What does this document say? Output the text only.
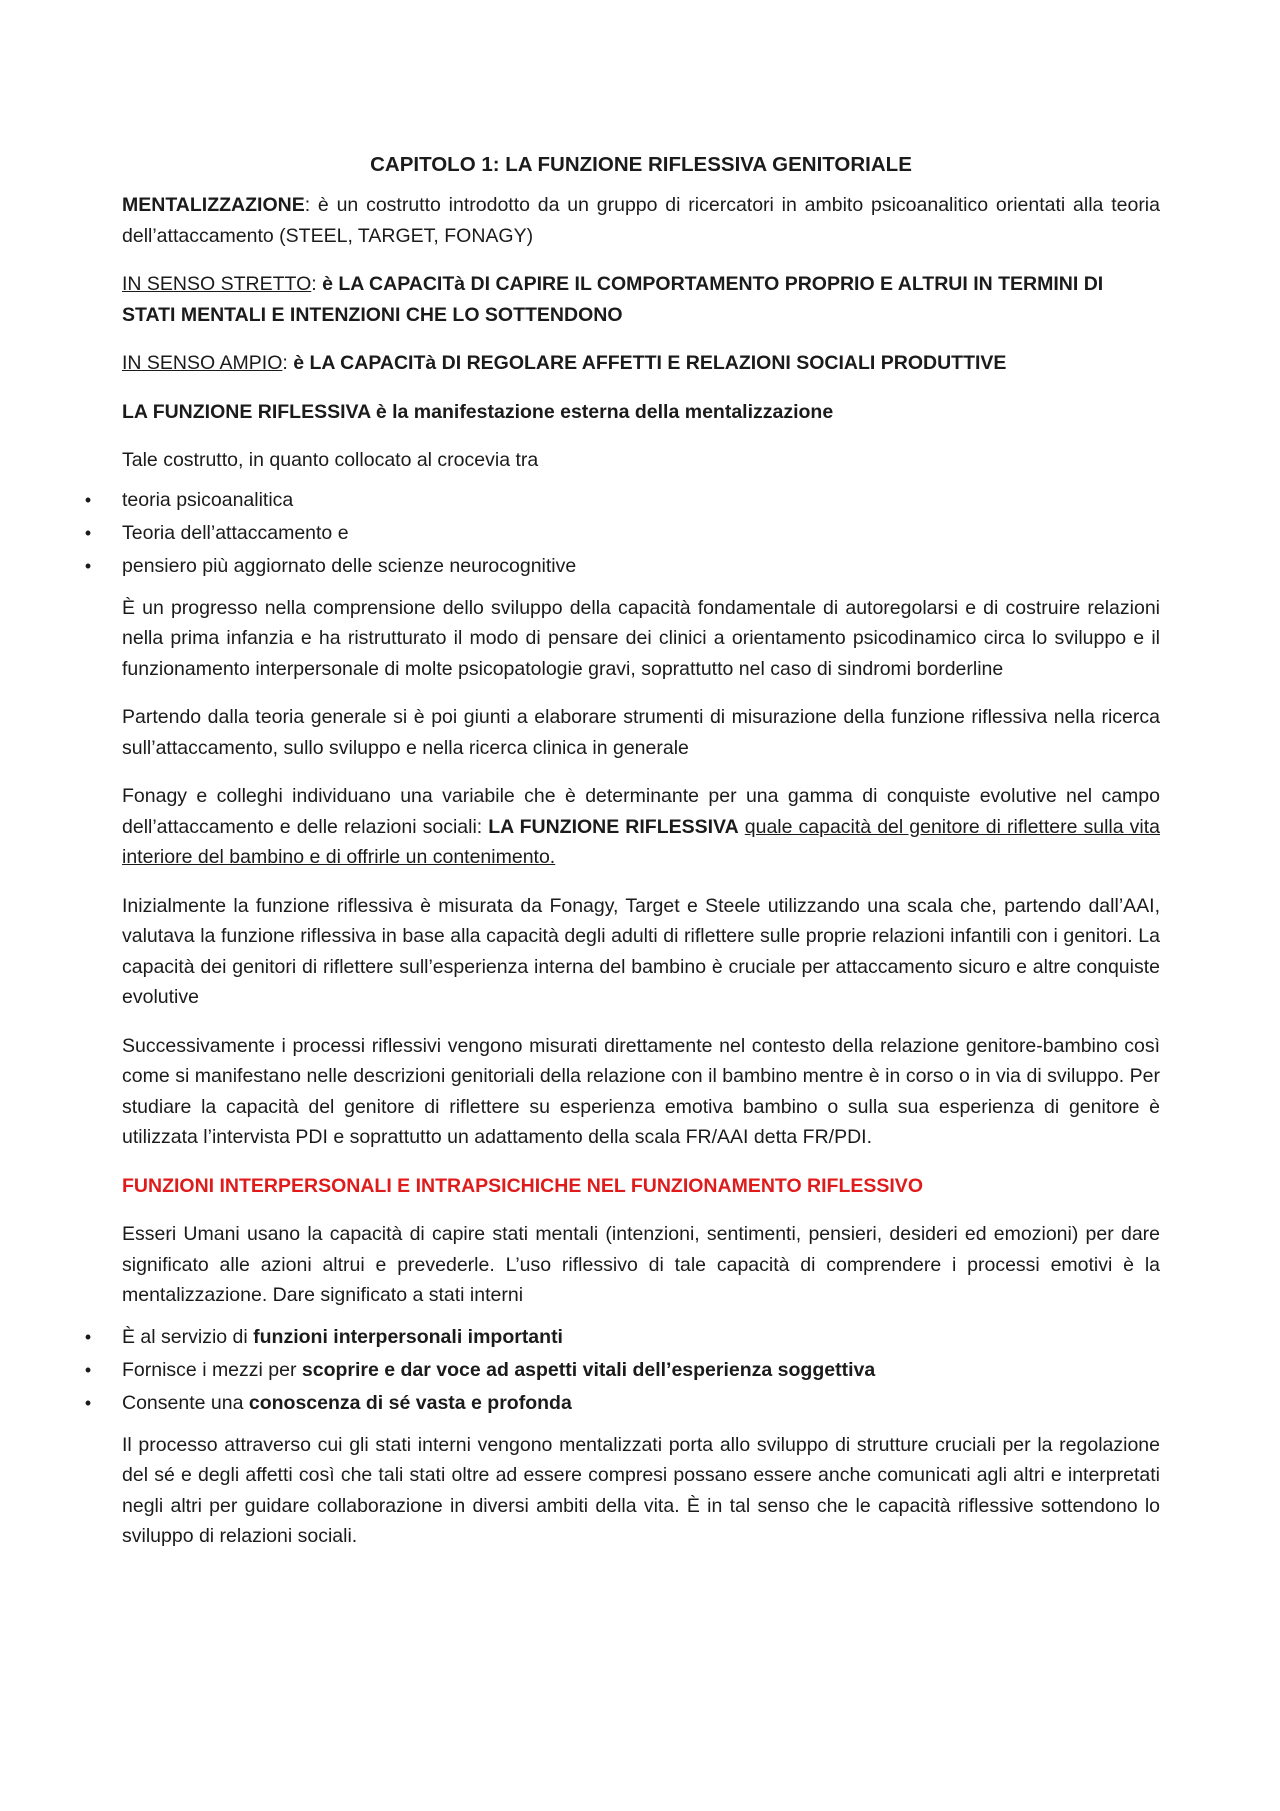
CAPITOLO 1: LA FUNZIONE RIFLESSIVA GENITORIALE

MENTALIZZAZIONE: è un costrutto introdotto da un gruppo di ricercatori in ambito psicoanalitico orientati alla teoria dell’attaccamento (STEEL, TARGET, FONAGY)

IN SENSO STRETTO: è LA CAPACITà DI CAPIRE IL COMPORTAMENTO PROPRIO E ALTRUI IN TERMINI DI STATI MENTALI E INTENZIONI CHE LO SOTTENDONO

IN SENSO AMPIO: è LA CAPACITà DI REGOLARE AFFETTI E RELAZIONI SOCIALI PRODUTTIVE

LA FUNZIONE RIFLESSIVA è la manifestazione esterna della mentalizzazione

Tale costrutto, in quanto collocato al crocevia tra

• teoria psicoanalitica
• Teoria dell’attaccamento e
• pensiero più aggiornato delle scienze neurocognitive

È un progresso nella comprensione dello sviluppo della capacità fondamentale di autoregolarsi e di costruire relazioni nella prima infanzia e ha ristrutturato il modo di pensare dei clinici a orientamento psicodinamico circa lo sviluppo e il funzionamento interpersonale di molte psicopatologie gravi, soprattutto nel caso di sindromi borderline

Partendo dalla teoria generale si è poi giunti a elaborare strumenti di misurazione della funzione riflessiva nella ricerca sull’attaccamento, sullo sviluppo e nella ricerca clinica in generale

Fonagy e colleghi individuano una variabile che è determinante per una gamma di conquiste evolutive nel campo dell’attaccamento e delle relazioni sociali: LA FUNZIONE RIFLESSIVA quale capacità del genitore di riflettere sulla vita interiore del bambino e di offrirle un contenimento.

Inizialmente la funzione riflessiva è misurata da Fonagy, Target e Steele utilizzando una scala che, partendo dall’AAI, valutava la funzione riflessiva in base alla capacità degli adulti di riflettere sulle proprie relazioni infantili con i genitori. La capacità dei genitori di riflettere sull’esperienza interna del bambino è cruciale per attaccamento sicuro e altre conquiste evolutive

Successivamente i processi riflessivi vengono misurati direttamente nel contesto della relazione genitore-bambino così come si manifestano nelle descrizioni genitoriali della relazione con il bambino mentre è in corso o in via di sviluppo. Per studiare la capacità del genitore di riflettere su esperienza emotiva bambino o sulla sua esperienza di genitore è utilizzata l’intervista PDI e soprattutto un adattamento della scala FR/AAI detta FR/PDI.

FUNZIONI INTERPERSONALI E INTRAPSICHICHE NEL FUNZIONAMENTO RIFLESSIVO

Esseri Umani usano la capacità di capire stati mentali (intenzioni, sentimenti, pensieri, desideri ed emozioni) per dare significato alle azioni altrui e prevederle. L’uso riflessivo di tale capacità di comprendere i processi emotivi è la mentalizzazione. Dare significato a stati interni

• È al servizio di funzioni interpersonali importanti
• Fornisce i mezzi per scoprire e dar voce ad aspetti vitali dell’esperienza soggettiva
• Consente una conoscenza di sé vasta e profonda

Il processo attraverso cui gli stati interni vengono mentalizzati porta allo sviluppo di strutture cruciali per la regolazione del sé e degli affetti così che tali stati oltre ad essere compresi possano essere anche comunicati agli altri e interpretati negli altri per guidare collaborazione in diversi ambiti della vita. È in tal senso che le capacità riflessive sottendono lo sviluppo di relazioni sociali.
